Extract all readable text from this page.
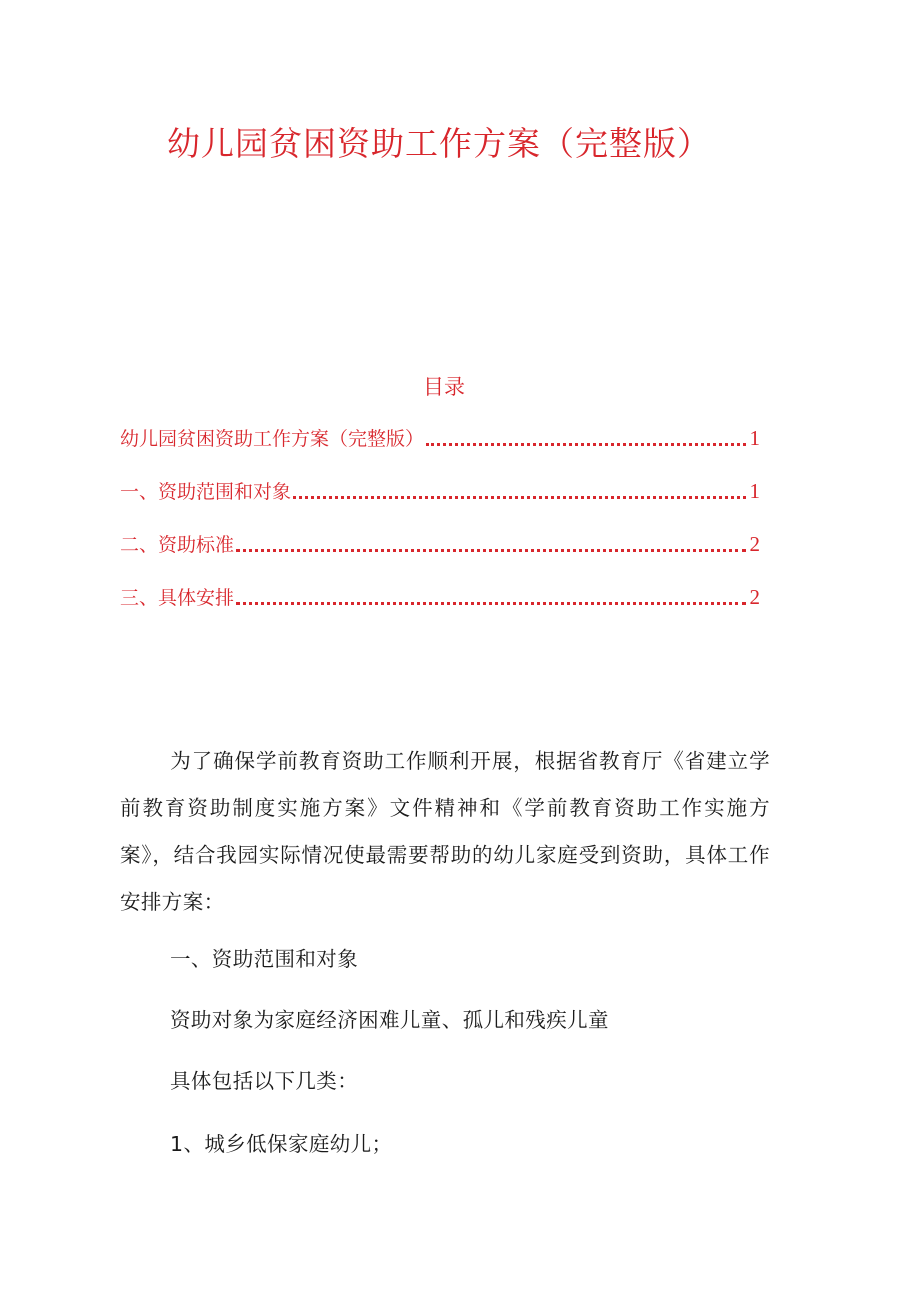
幼儿园贫困资助工作方案（完整版）
目录
幼儿园贫困资助工作方案（完整版）	1
一、资助范围和对象	1
二、资助标准	2
三、具体安排	2

为了确保学前教育资助工作顺利开展，根据省教育厅《省建立学前教育资助制度实施方案》文件精神和《学前教育资助工作实施方案》，结合我园实际情况使最需要帮助的幼儿家庭受到资助，具体工作安排方案：

一、资助范围和对象

资助对象为家庭经济困难儿童、孤儿和残疾儿童

具体包括以下几类：

1、城乡低保家庭幼儿；
